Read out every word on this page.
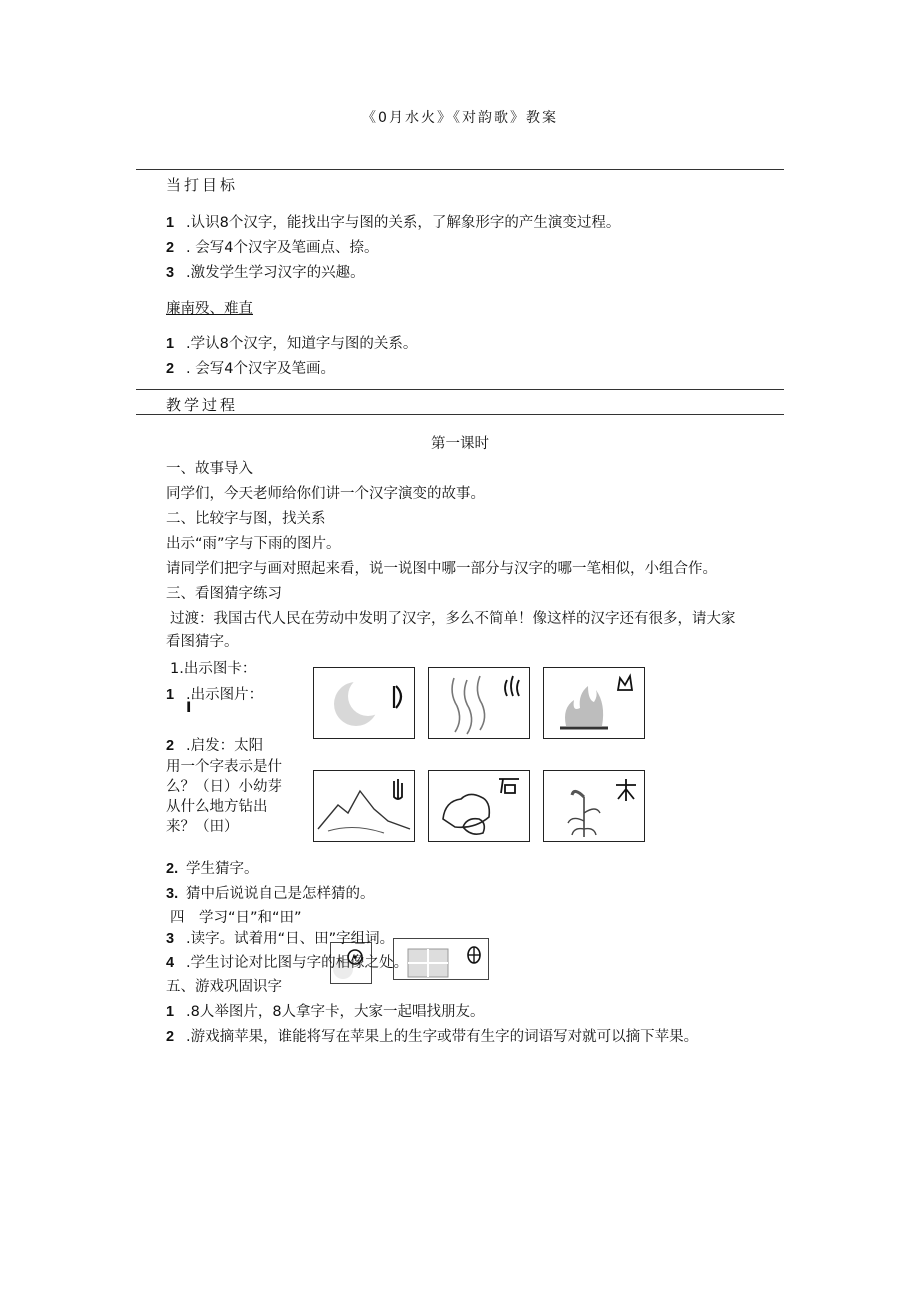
《0月水火》《对韵歌》教案
当打目标
1 .认识8个汉字，能找出字与图的关系，了解象形字的产生演变过程。
2 . 会写4个汉字及笔画点、捺。
3 .激发学生学习汉字的兴趣。
廉南殁、难直
1 .学认8个汉字，知道字与图的关系。
2 . 会写4个汉字及笔画。
教学过程
第一课时
一、故事导入
同学们，今天老师给你们讲一个汉字演变的故事。
二、比较字与图，找关系
出示“雨”字与下雨的图片。
请同学们把字与画对照起来看，说一说图中哪一部分与汉字的哪一笔相似，小组合作。
三、看图猜字练习
过渡：我国古代人民在劳动中发明了汉字，多么不简单！像这样的汉字还有很多，请大家
看图猜字。
1.出示图卡：
1 .出示图片：
I
2 .启发：太阳
用一个字表示是什
么？（日）小幼芽
从什么地方钻出
来？（田）
2. 学生猜字。
3. 猜中后说说自己是怎样猜的。
四　学习“日”和“田”
3 .读字。试着用“日、田”字组词。
4 .学生讨论对比图与字的相像之处。
五、游戏巩固识字
1 .8人举图片，8人拿字卡，大家一起唱找朋友。
2 .游戏摘苹果，谁能将写在苹果上的生字或带有生字的词语写对就可以摘下苹果。
